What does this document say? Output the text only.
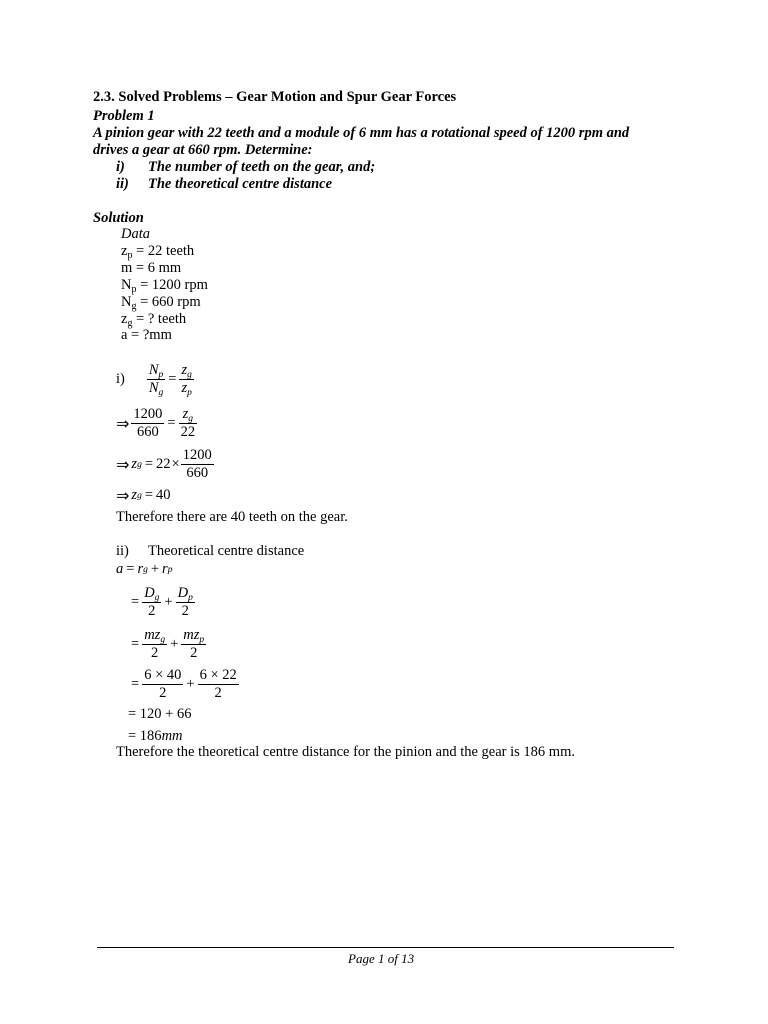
2.3. Solved Problems – Gear Motion and Spur Gear Forces
Problem 1
A pinion gear with 22 teeth and a module of 6 mm has a rotational speed of 1200 rpm and
drives a gear at 660 rpm. Determine:
i) The number of teeth on the gear, and;
ii) The theoretical centre distance
Solution
Data
$z_p = 22$ teeth
m = 6 mm
$N_p = 1200$ rpm
$N_g = 660$ rpm
$z_g$ = ? teeth
a = ?mm
$i) \frac{N_p}{N_g} = \frac{z_g}{z_p}$
⇒ $\frac{1200}{660} = \frac{z_g}{22}$
⇒ z $g = 22 \times \frac{1200}{660}$
⇒ z g = 40
Therefore there are 40 teeth on the gear.
ii) Theoretical centre distance
a = r g + r p
= $\frac{D_g}{2} + \frac{D_p}{2}$
= $\frac{mz_g}{2} + \frac{mz_p}{2}$
= $\frac{6 \times 40}{2} + \frac{6 \times 22}{2}$
= 120 + 66
= 186mm
Therefore the theoretical centre distance for the pinion and the gear is 186 mm.
Page 1 of 13
